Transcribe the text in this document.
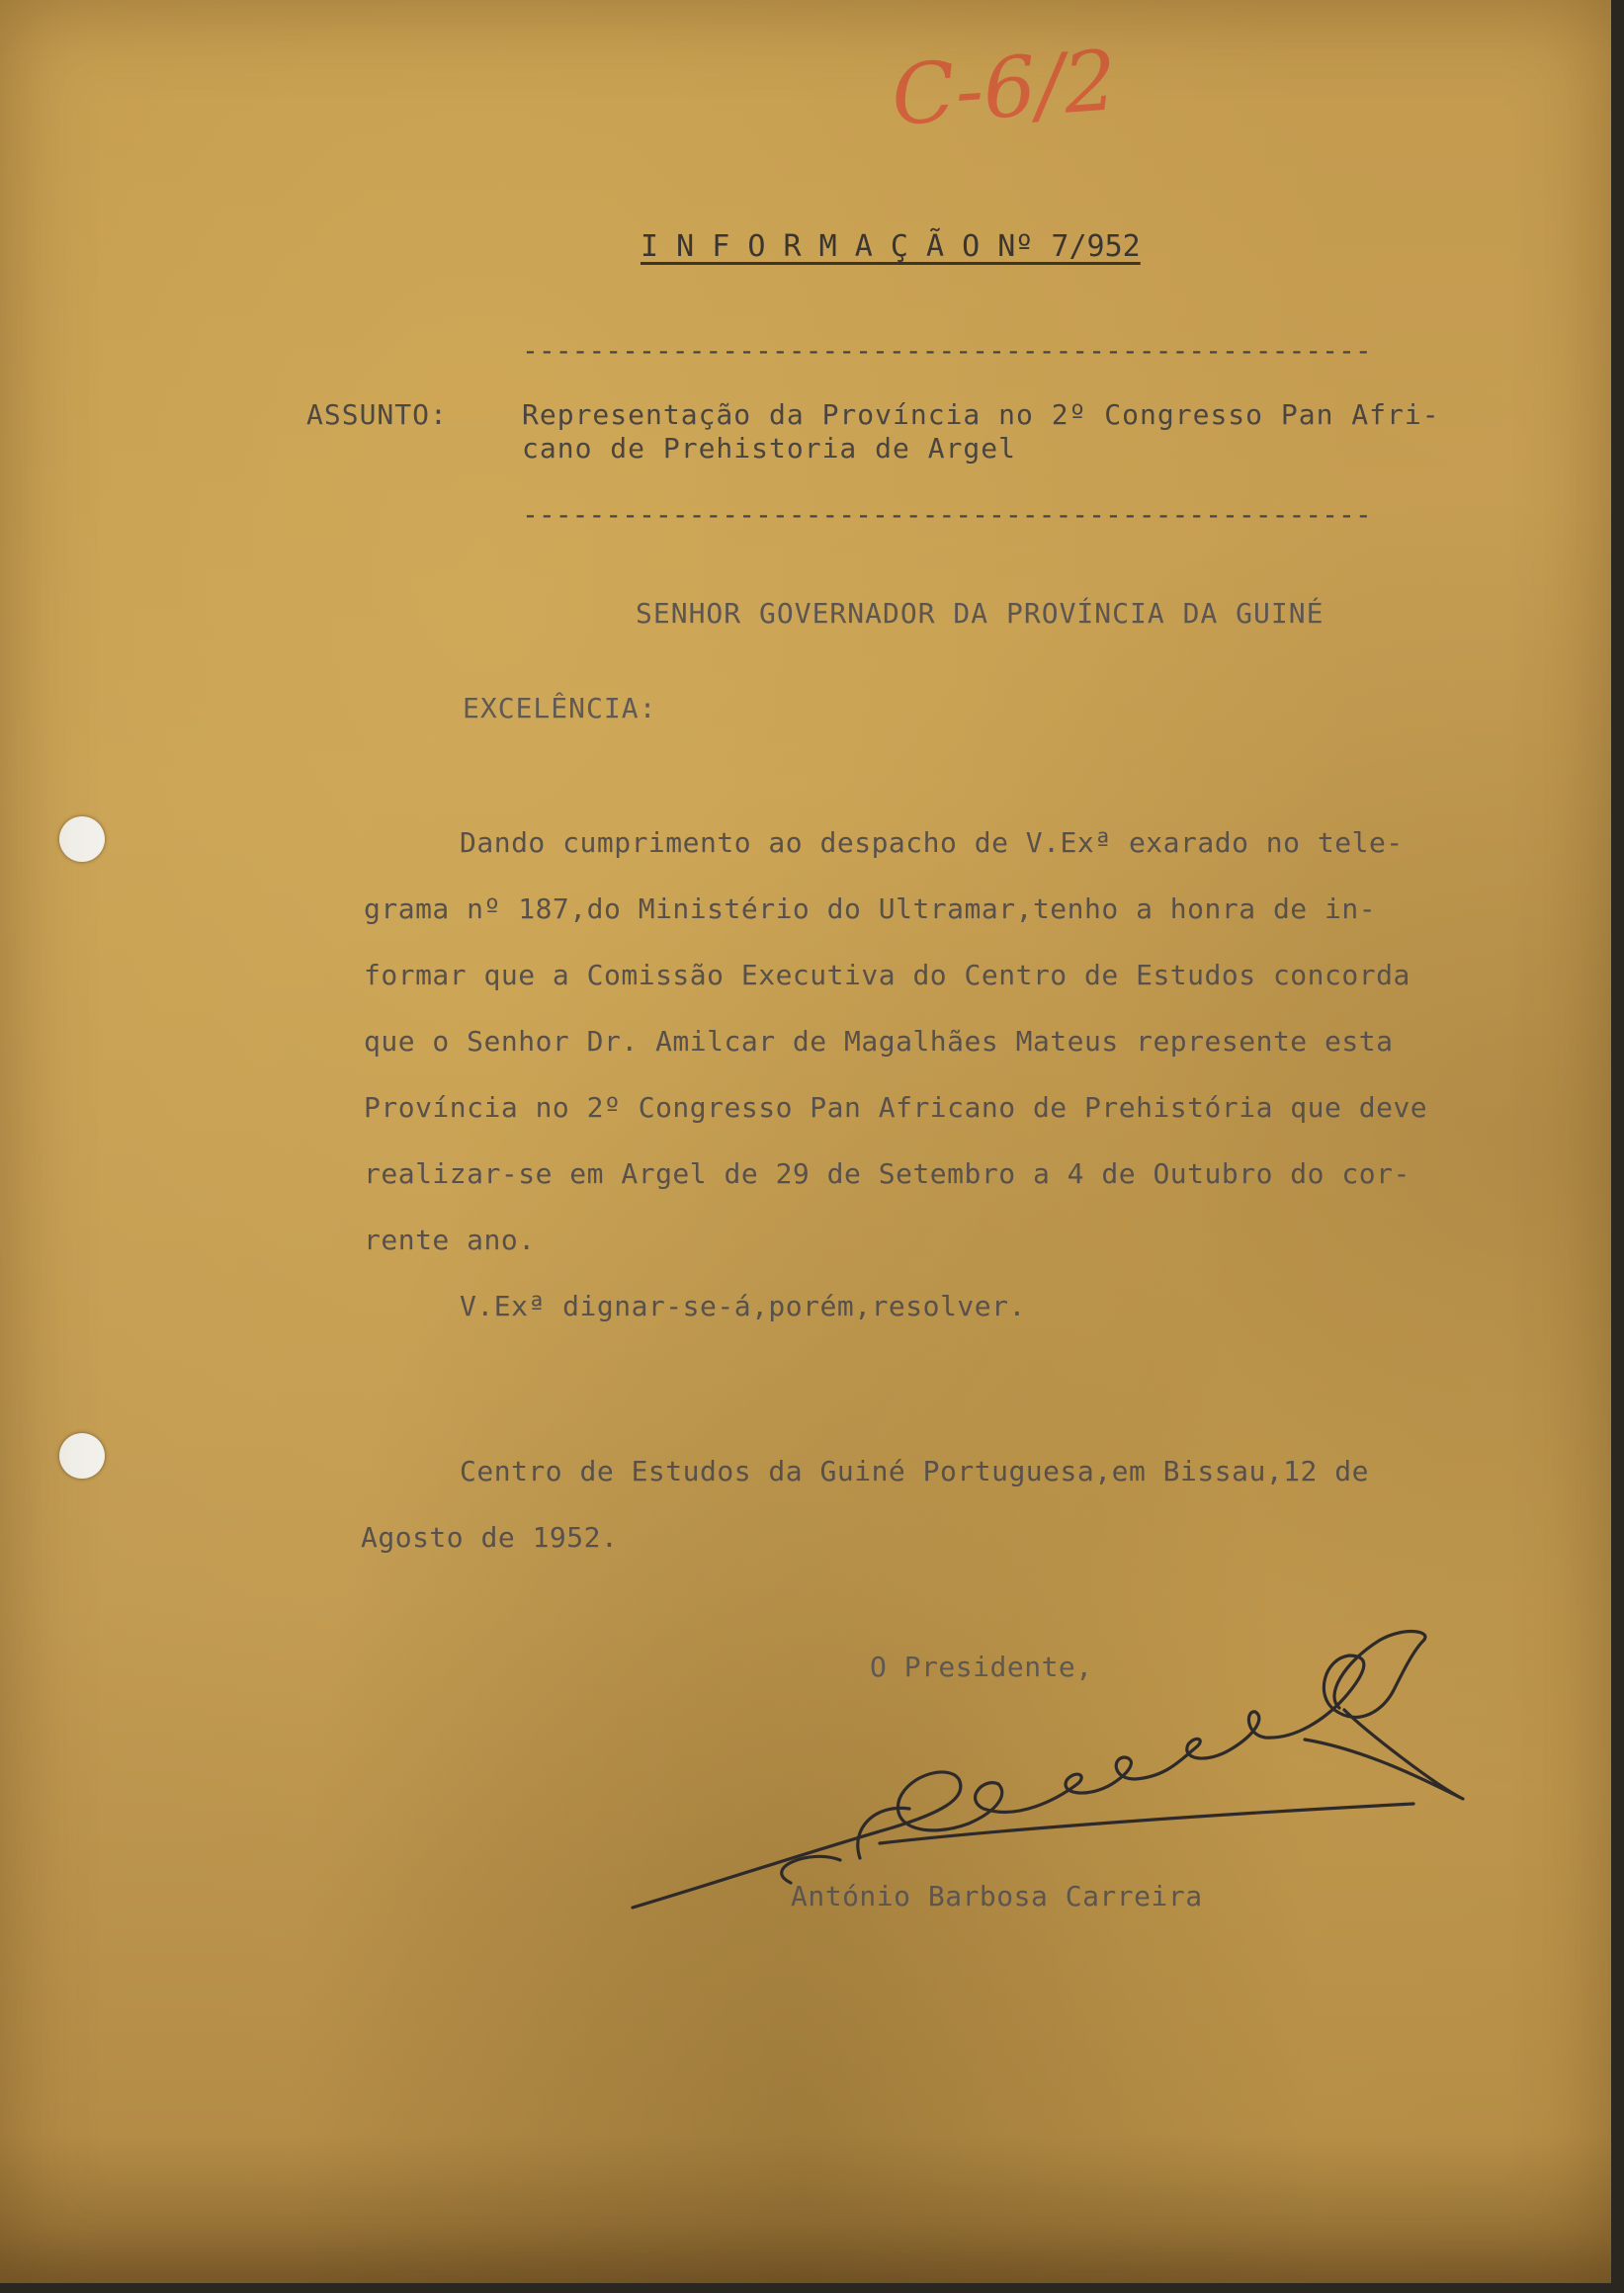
C-6/2

I N F O R M A Ç Ã O Nº 7/952

---------------------------------------------------

ASSUNTO:	Representação da Província no 2º Congresso Pan Afri-

cano de Prehistoria de Argel

---------------------------------------------------

SENHOR GOVERNADOR DA PROVÍNCIA DA GUINÉ

EXCELÊNCIA:

Dando cumprimento ao despacho de V.Exª exarado no tele-

grama nº 187,do Ministério do Ultramar,tenho a honra de in-

formar que a Comissão Executiva do Centro de Estudos concorda

que o Senhor Dr. Amilcar de Magalhães Mateus represente esta

Província no 2º Congresso Pan Africano de Prehistória que deve

realizar-se em Argel de 29 de Setembro a 4 de Outubro do cor-

rente ano.

V.Exª dignar-se-á,porém,resolver.

Centro de Estudos da Guiné Portuguesa,em Bissau,12 de

Agosto de 1952.

O Presidente,

António Barbosa Carreira
